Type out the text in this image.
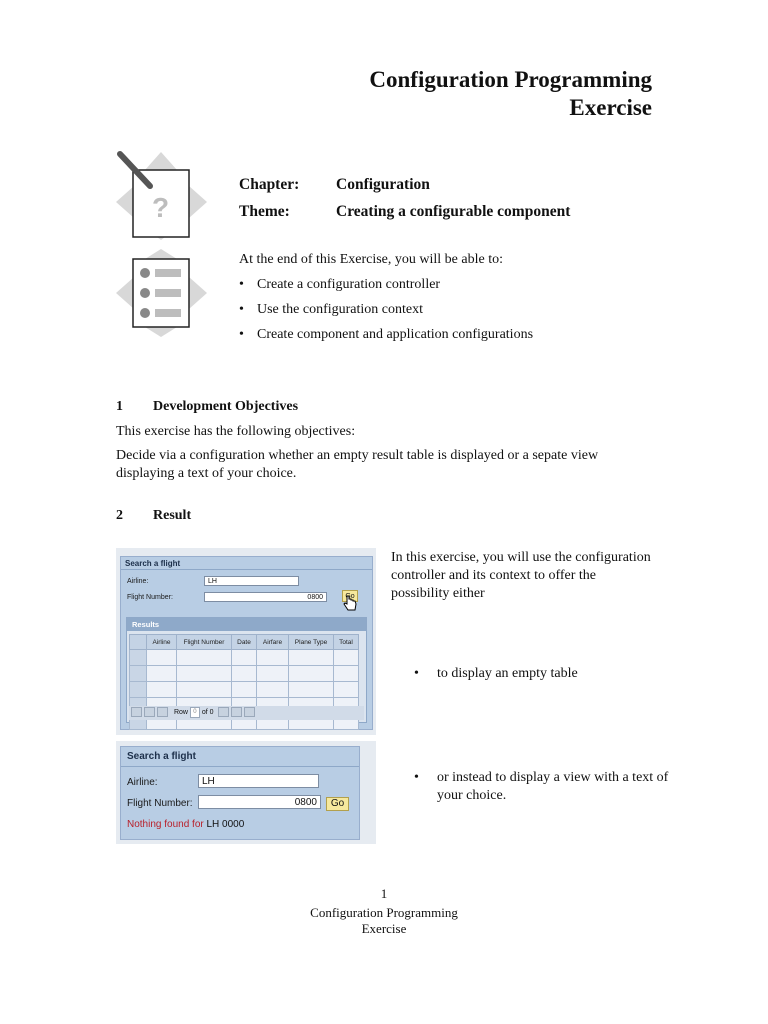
Configuration Programming
Exercise
?
Chapter: Configuration
Theme:	Creating a configurable component
At the end of this Exercise, you will be able to:
• Create a configuration controller
• Use the configuration context
• Create component and application configurations
1 Development Objectives
This exercise has the following objectives:
Decide via a configuration whether an empty result table is displayed or a sepate view displaying a text of your choice.
2 Result
In this exercise, you will use the configuration controller and its context to offer the possibility either
• to display an empty table
• or instead to display a view with a text of your choice.
Search a flight
Airline:	LH
Flight Number:	0800	Go
Results
	Airline	Flight Number	Date	Airfare	Plane Type	Total

Row 0 of 0
Search a flight
Airline:	LH
Flight Number:	0800	Go
Nothing found for LH 0000
1
Configuration Programming
Exercise
